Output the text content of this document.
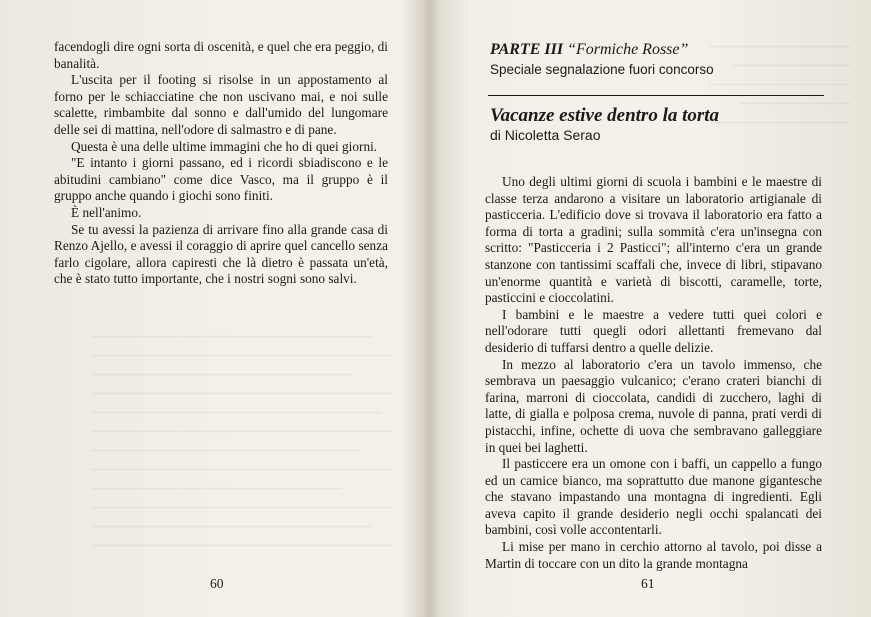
facendogli dire ogni sorta di oscenità, e quel che era peggio, di banalità.

L'uscita per il footing si risolse in un appostamento al forno per le schiacciatine che non uscivano mai, e noi sulle scalette, rimbambite dal sonno e dall'umido del lungomare delle sei di mattina, nell'odore di salmastro e di pane.

Questa è una delle ultime immagini che ho di quei giorni.

"E intanto i giorni passano, ed i ricordi sbiadiscono e le abitudini cambiano" come dice Vasco, ma il gruppo è il gruppo anche quando i giochi sono finiti.

È nell'animo.

Se tu avessi la pazienza di arrivare fino alla grande casa di Renzo Ajello, e avessi il coraggio di aprire quel cancello senza farlo cigolare, allora capiresti che là dietro è passata un'età, che è stato tutto importante, che i nostri sogni sono salvi.

60
PARTE III “Formiche Rosse”
Speciale segnalazione fuori concorso
Vacanze estive dentro la torta
di Nicoletta Serao

Uno degli ultimi giorni di scuola i bambini e le maestre di classe terza andarono a visitare un laboratorio artigianale di pasticceria. L'edificio dove si trovava il laboratorio era fatto a forma di torta a gradini; sulla sommità c'era un'insegna con scritto: "Pasticceria i 2 Pasticci"; all'interno c'era un grande stanzone con tantissimi scaffali che, invece di libri, stipavano un'enorme quantità e varietà di biscotti, caramelle, torte, pasticcini e cioccolatini.

I bambini e le maestre a vedere tutti quei colori e nell'odorare tutti quegli odori allettanti fremevano dal desiderio di tuffarsi dentro a quelle delizie.

In mezzo al laboratorio c'era un tavolo immenso, che sembrava un paesaggio vulcanico; c'erano crateri bianchi di farina, marroni di cioccolata, candidi di zucchero, laghi di latte, di gialla e polposa crema, nuvole di panna, prati verdi di pistacchi, infine, ochette di uova che sembravano galleggiare in quei bei laghetti.

Il pasticcere era un omone con i baffi, un cappello a fungo ed un camice bianco, ma soprattutto due manone gigantesche che stavano impastando una montagna di ingredienti. Egli aveva capito il grande desiderio negli occhi spalancati dei bambini, così volle accontentarli.

Li mise per mano in cerchio attorno al tavolo, poi disse a Martin di toccare con un dito la grande montagna

61
